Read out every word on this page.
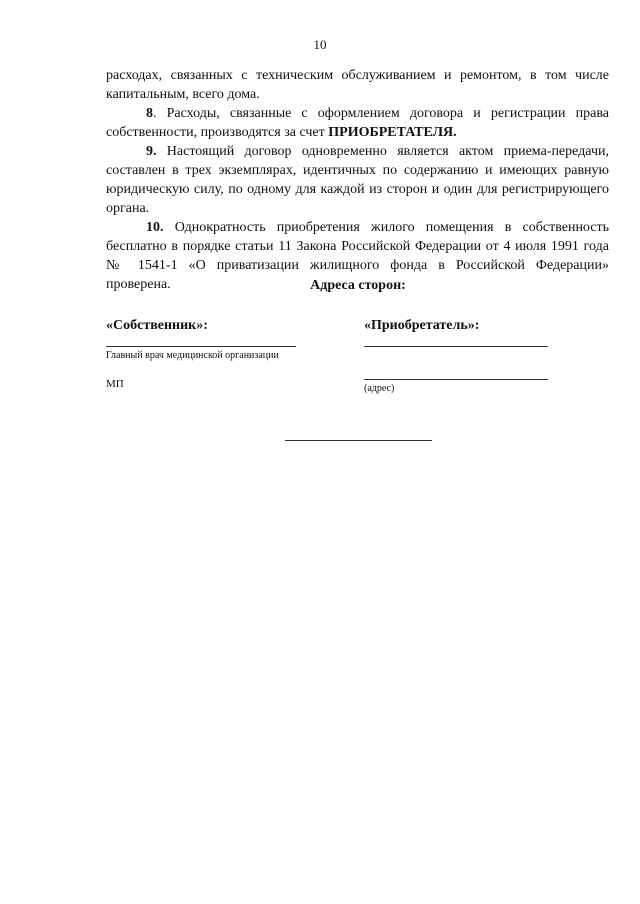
10

расходах, связанных с техническим обслуживанием и ремонтом, в том числе капитальным, всего дома.

8. Расходы, связанные с оформлением договора и регистрации права собственности, производятся за счет ПРИОБРЕТАТЕЛЯ.

9. Настоящий договор одновременно является актом приема-передачи, составлен в трех экземплярах, идентичных по содержанию и имеющих равную юридическую силу, по одному для каждой из сторон и один для регистрирующего органа.

10. Однократность приобретения жилого помещения в собственность бесплатно в порядке статьи 11 Закона Российской Федерации от 4 июля 1991 года № 1541-1 «О приватизации жилищного фонда в Российской Федерации» проверена.	Адреса сторон:
«Собственник»:	«Приобретатель»:
Главный врач медицинской организации
МП	(адрес)
